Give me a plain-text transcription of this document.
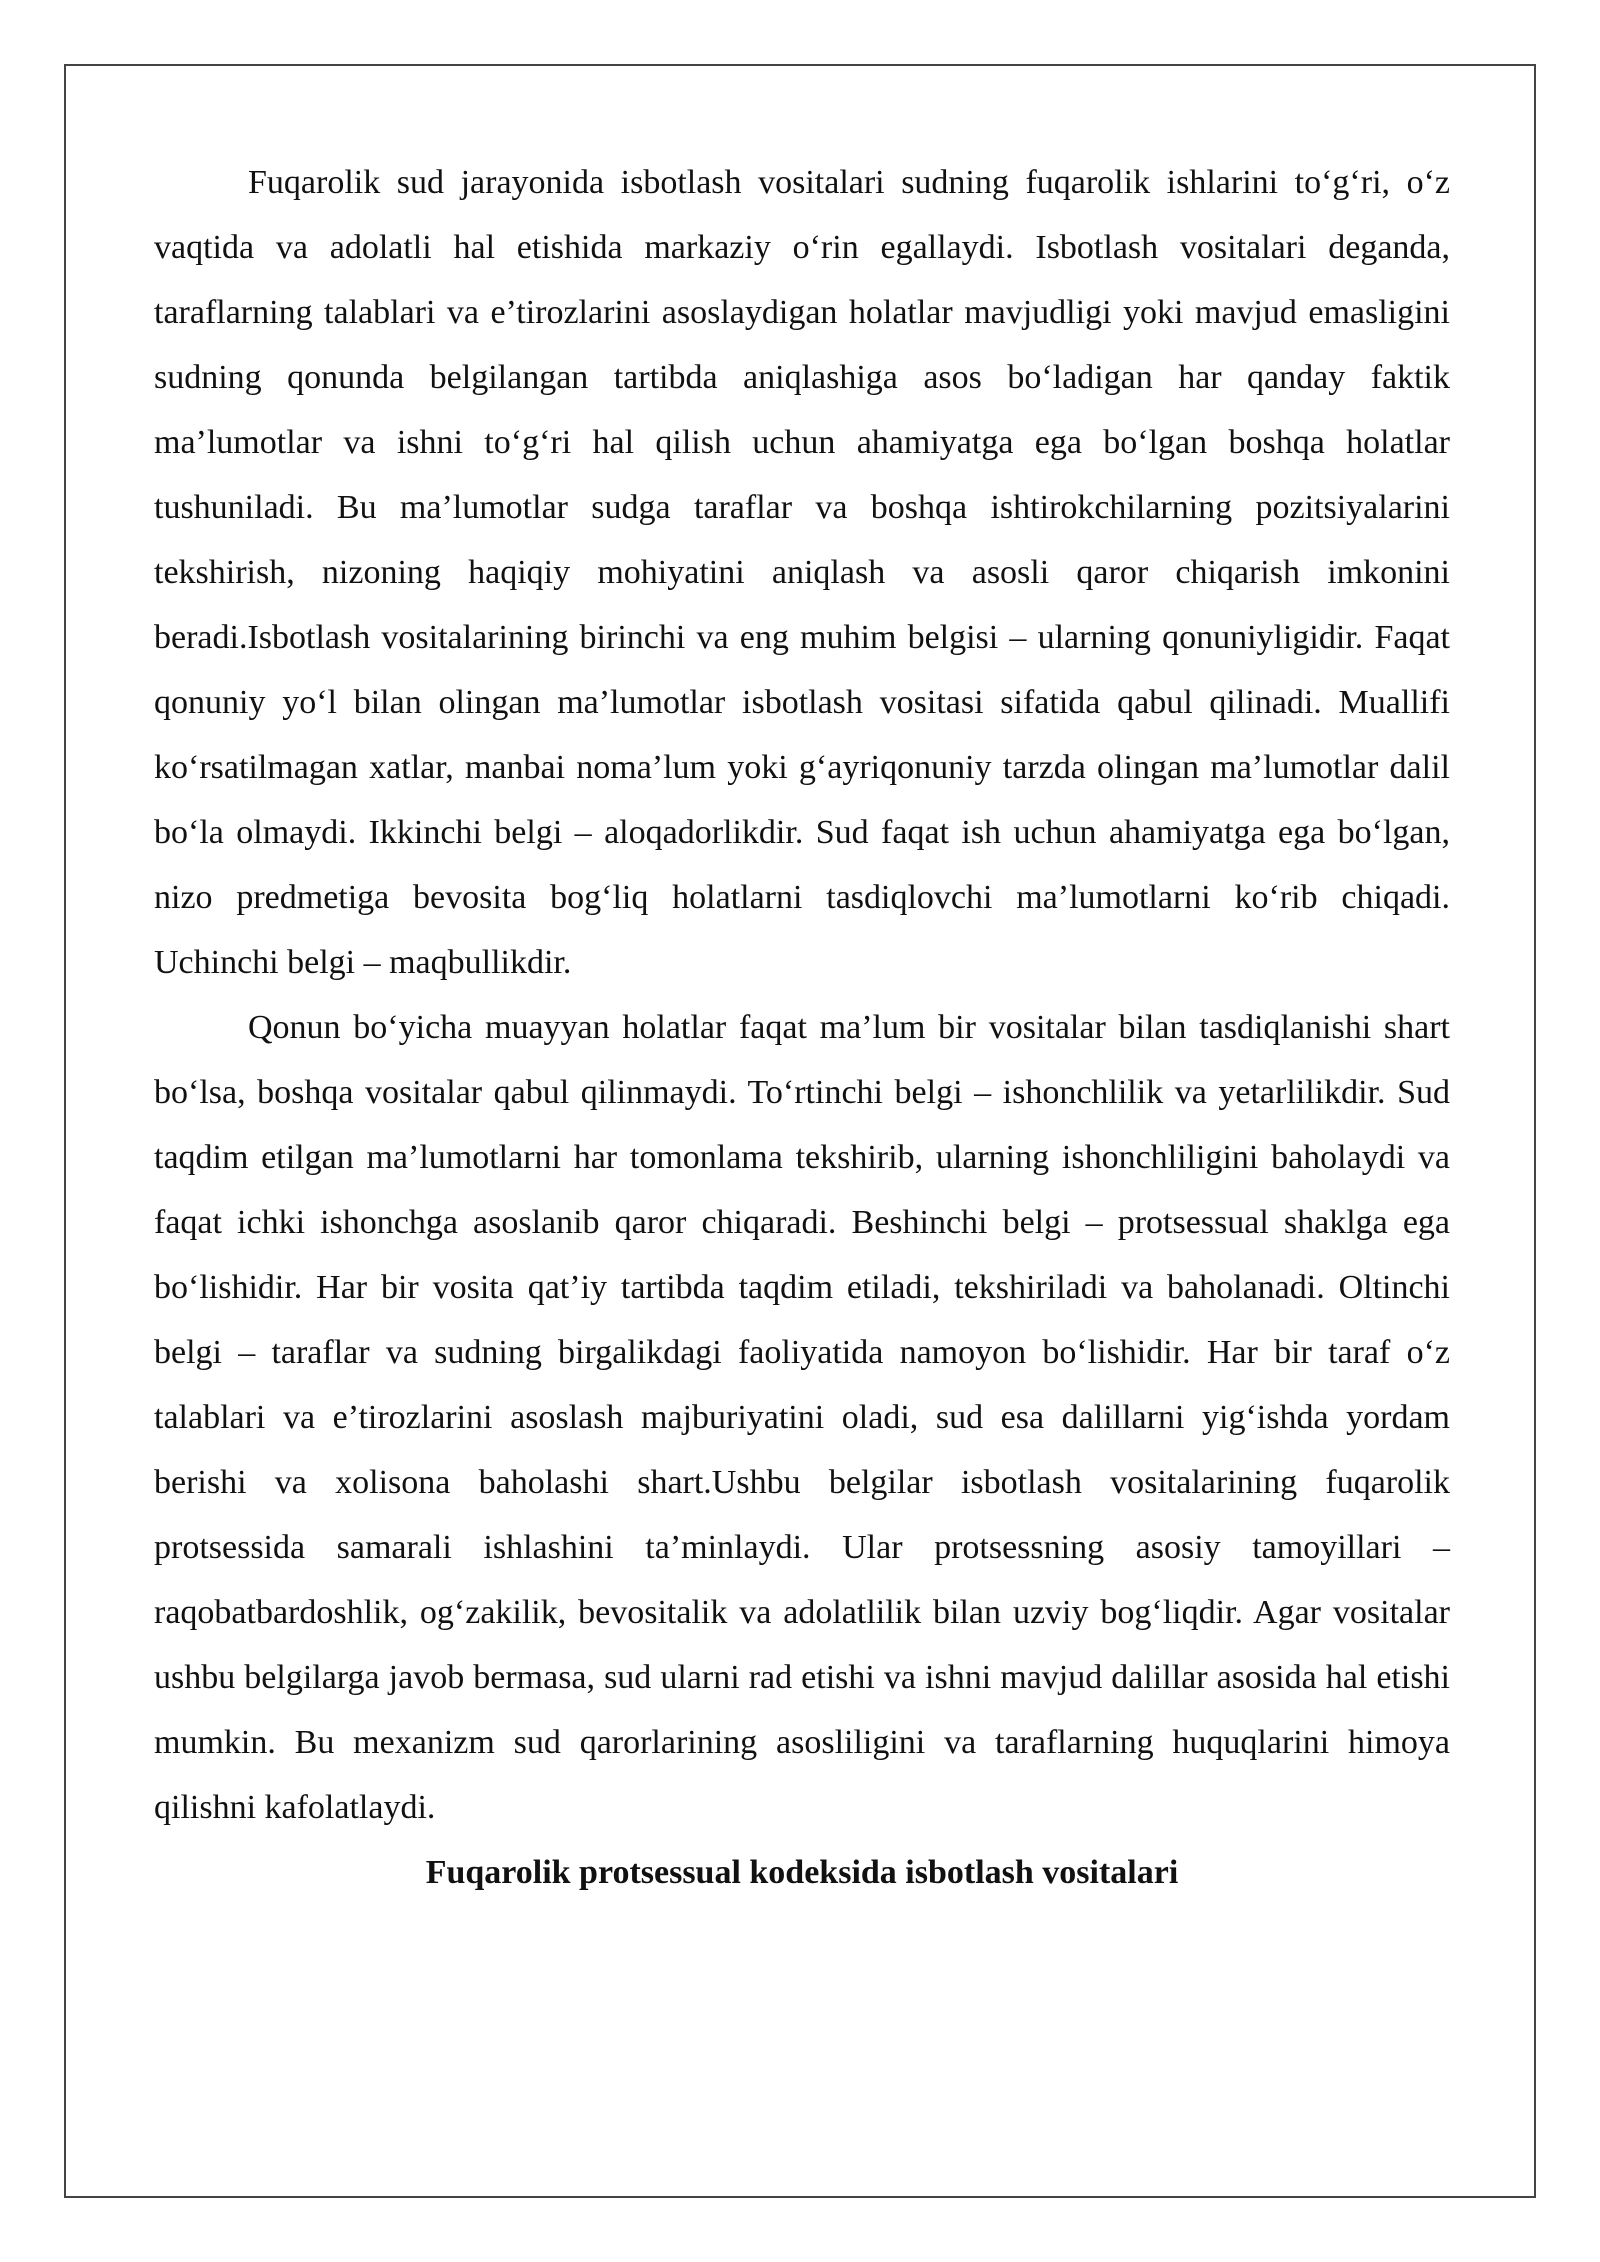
Fuqarolik sud jarayonida isbotlash vositalari sudning fuqarolik ishlarini to‘g‘ri, o‘z vaqtida va adolatli hal etishida markaziy o‘rin egallaydi. Isbotlash vositalari deganda, taraflarning talablari va e’tirozlarini asoslaydigan holatlar mavjudligi yoki mavjud emasligini sudning qonunda belgilangan tartibda aniqlashiga asos bo‘ladigan har qanday faktik ma’lumotlar va ishni to‘g‘ri hal qilish uchun ahamiyatga ega bo‘lgan boshqa holatlar tushuniladi. Bu ma’lumotlar sudga taraflar va boshqa ishtirokchilarning pozitsiyalarini tekshirish, nizoning haqiqiy mohiyatini aniqlash va asosli qaror chiqarish imkonini beradi.Isbotlash vositalarining birinchi va eng muhim belgisi – ularning qonuniyligidir. Faqat qonuniy yo‘l bilan olingan ma’lumotlar isbotlash vositasi sifatida qabul qilinadi. Muallifi ko‘rsatilmagan xatlar, manbai noma’lum yoki g‘ayriqonuniy tarzda olingan ma’lumotlar dalil bo‘la olmaydi. Ikkinchi belgi – aloqadorlikdir. Sud faqat ish uchun ahamiyatga ega bo‘lgan, nizo predmetiga bevosita bog‘liq holatlarni tasdiqlovchi ma’lumotlarni ko‘rib chiqadi. Uchinchi belgi – maqbullikdir.

Qonun bo‘yicha muayyan holatlar faqat ma’lum bir vositalar bilan tasdiqlanishi shart bo‘lsa, boshqa vositalar qabul qilinmaydi. To‘rtinchi belgi – ishonchlilik va yetarlilikdir. Sud taqdim etilgan ma’lumotlarni har tomonlama tekshirib, ularning ishonchliligini baholaydi va faqat ichki ishonchga asoslanib qaror chiqaradi. Beshinchi belgi – protsessual shaklga ega bo‘lishidir. Har bir vosita qat’iy tartibda taqdim etiladi, tekshiriladi va baholanadi. Oltinchi belgi – taraflar va sudning birgalikdagi faoliyatida namoyon bo‘lishidir. Har bir taraf o‘z talablari va e’tirozlarini asoslash majburiyatini oladi, sud esa dalillarni yig‘ishda yordam berishi va xolisona baholashi shart.Ushbu belgilar isbotlash vositalarining fuqarolik protsessida samarali ishlashini ta’minlaydi. Ular protsessning asosiy tamoyillari – raqobatbardoshlik, og‘zakilik, bevositalik va adolatlilik bilan uzviy bog‘liqdir. Agar vositalar ushbu belgilarga javob bermasa, sud ularni rad etishi va ishni mavjud dalillar asosida hal etishi mumkin. Bu mexanizm sud qarorlarining asosliligini va taraflarning huquqlarini himoya qilishni kafolatlaydi.

Fuqarolik protsessual kodeksida isbotlash vositalari
